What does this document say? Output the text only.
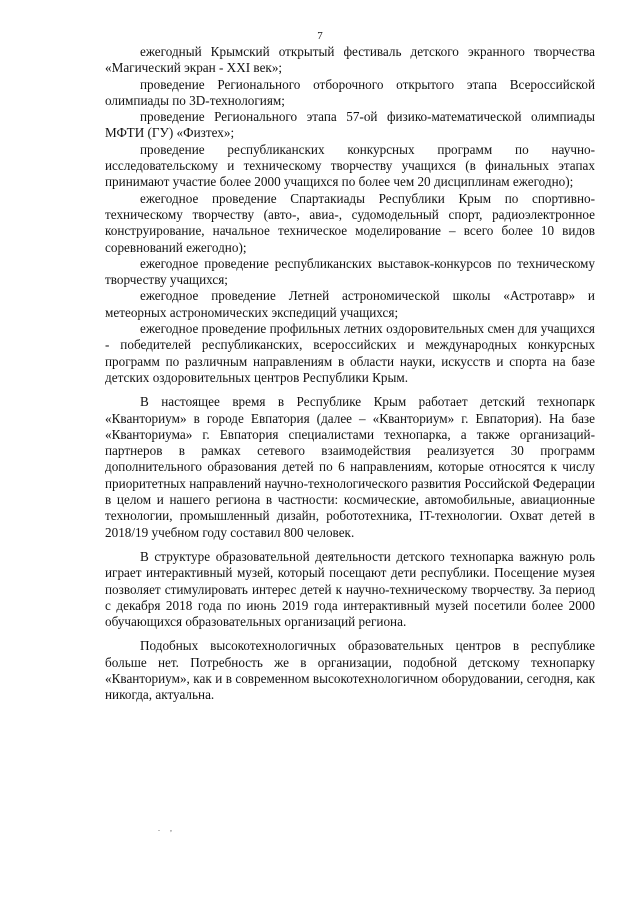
7

ежегодный Крымский открытый фестиваль детского экранного творчества «Магический экран - XXI век»;

проведение Регионального отборочного открытого этапа Всероссийской олимпиады по 3D-технологиям;

проведение Регионального этапа 57-ой физико-математической олимпиады МФТИ (ГУ) «Физтех»;

проведение республиканских конкурсных программ по научно-исследовательскому и техническому творчеству учащихся (в финальных этапах принимают участие более 2000 учащихся по более чем 20 дисциплинам ежегодно);

ежегодное проведение Спартакиады Республики Крым по спортивно-техническому творчеству (авто-, авиа-, судомодельный спорт, радиоэлектронное конструирование, начальное техническое моделирование – всего более 10 видов соревнований ежегодно);

ежегодное проведение республиканских выставок-конкурсов по техническому творчеству учащихся;

ежегодное проведение Летней астрономической школы «Астротавр» и метеорных астрономических экспедиций учащихся;

ежегодное проведение профильных летних оздоровительных смен для учащихся - победителей республиканских, всероссийских и международных конкурсных программ по различным направлениям в области науки, искусств и спорта на базе детских оздоровительных центров Республики Крым.

В настоящее время в Республике Крым работает детский технопарк «Кванториум» в городе Евпатория (далее – «Кванториум» г. Евпатория). На базе «Кванториума» г. Евпатория специалистами технопарка, а также организаций- партнеров в рамках сетевого взаимодействия реализуется 30 программ дополнительного образования детей по 6 направлениям, которые относятся к числу приоритетных направлений научно-технологического развития Российской Федерации в целом и нашего региона в частности: космические, автомобильные, авиационные технологии, промышленный дизайн, робототехника, IT-технологии. Охват детей в 2018/19 учебном году составил 800 человек.

В структуре образовательной деятельности детского технопарка важную роль играет интерактивный музей, который посещают дети республики. Посещение музея позволяет стимулировать интерес детей к научно-техническому творчеству. За период с декабря 2018 года по июнь 2019 года интерактивный музей посетили более 2000 обучающихся образовательных организаций региона.

Подобных высокотехнологичных образовательных центров в республике больше нет. Потребность же в организации, подобной детскому технопарку «Кванториум», как и в современном высокотехнологичном оборудовании, сегодня, как никогда, актуальна.

. ,
